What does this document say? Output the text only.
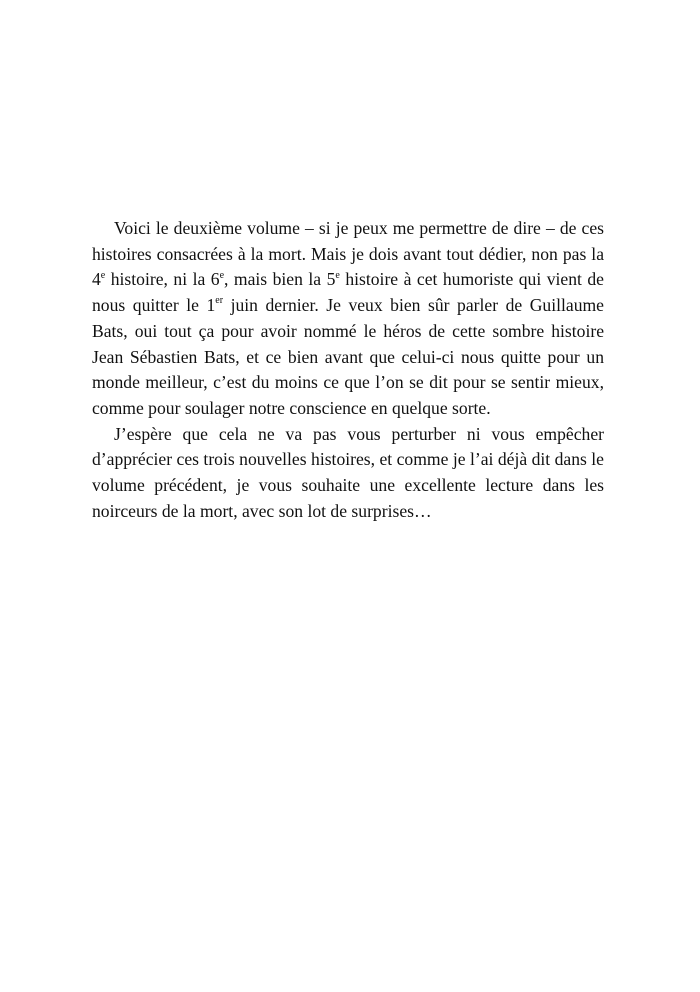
Voici le deuxième volume – si je peux me permettre de dire – de ces histoires consacrées à la mort. Mais je dois avant tout dédier, non pas la 4e histoire, ni la 6e, mais bien la 5e histoire à cet humoriste qui vient de nous quitter le 1er juin dernier. Je veux bien sûr parler de Guillaume Bats, oui tout ça pour avoir nommé le héros de cette sombre histoire Jean Sébastien Bats, et ce bien avant que celui-ci nous quitte pour un monde meilleur, c’est du moins ce que l’on se dit pour se sentir mieux, comme pour soulager notre conscience en quelque sorte.

J’espère que cela ne va pas vous perturber ni vous empêcher d’apprécier ces trois nouvelles histoires, et comme je l’ai déjà dit dans le volume précédent, je vous souhaite une excellente lecture dans les noirceurs de la mort, avec son lot de surprises…
